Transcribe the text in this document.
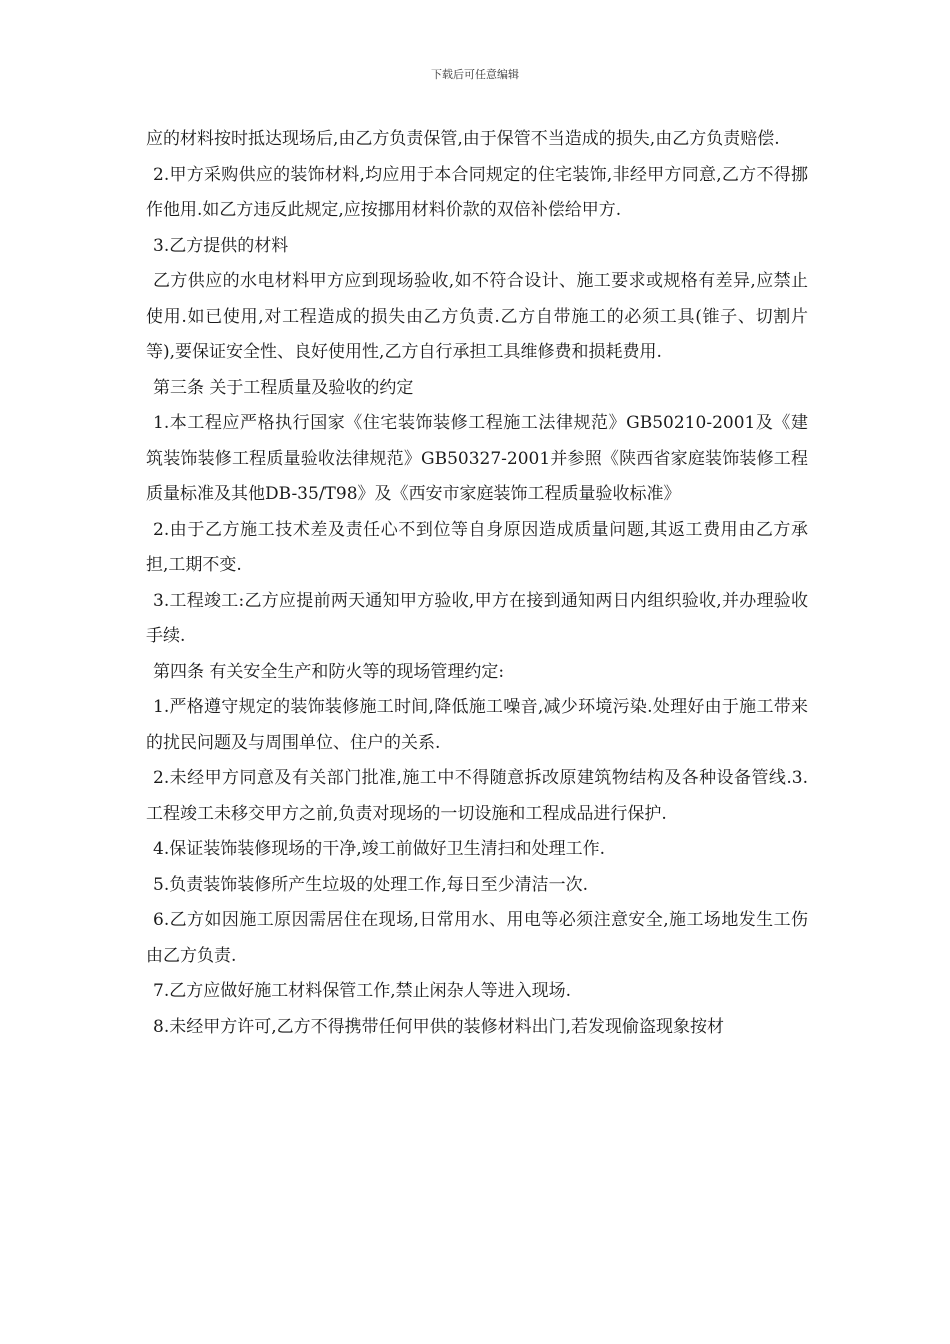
下载后可任意编辑

应的材料按时抵达现场后,由乙方负责保管,由于保管不当造成的损失,由乙方负责赔偿.

2.甲方采购供应的装饰材料,均应用于本合同规定的住宅装饰,非经甲方同意,乙方不得挪作他用.如乙方违反此规定,应按挪用材料价款的双倍补偿给甲方.

3.乙方提供的材料

乙方供应的水电材料甲方应到现场验收,如不符合设计、施工要求或规格有差异,应禁止使用.如已使用,对工程造成的损失由乙方负责.乙方自带施工的必须工具(锥子、切割片等),要保证安全性、良好使用性,乙方自行承担工具维修费和损耗费用.

第三条 关于工程质量及验收的约定

1.本工程应严格执行国家《住宅装饰装修工程施工法律规范》GB50210-2001及《建筑装饰装修工程质量验收法律规范》GB50327-2001并参照《陕西省家庭装饰装修工程质量标准及其他DB-35/T98》及《西安市家庭装饰工程质量验收标准》

2.由于乙方施工技术差及责任心不到位等自身原因造成质量问题,其返工费用由乙方承担,工期不变.

3.工程竣工:乙方应提前两天通知甲方验收,甲方在接到通知两日内组织验收,并办理验收手续.

第四条 有关安全生产和防火等的现场管理约定:

1.严格遵守规定的装饰装修施工时间,降低施工噪音,减少环境污染.处理好由于施工带来的扰民问题及与周围单位、住户的关系.

2.未经甲方同意及有关部门批准,施工中不得随意拆改原建筑物结构及各种设备管线.3.工程竣工未移交甲方之前,负责对现场的一切设施和工程成品进行保护.

4.保证装饰装修现场的干净,竣工前做好卫生清扫和处理工作.

5.负责装饰装修所产生垃圾的处理工作,每日至少清洁一次.

6.乙方如因施工原因需居住在现场,日常用水、用电等必须注意安全,施工场地发生工伤由乙方负责.

7.乙方应做好施工材料保管工作,禁止闲杂人等进入现场.

8.未经甲方许可,乙方不得携带任何甲供的装修材料出门,若发现偷盗现象按材
